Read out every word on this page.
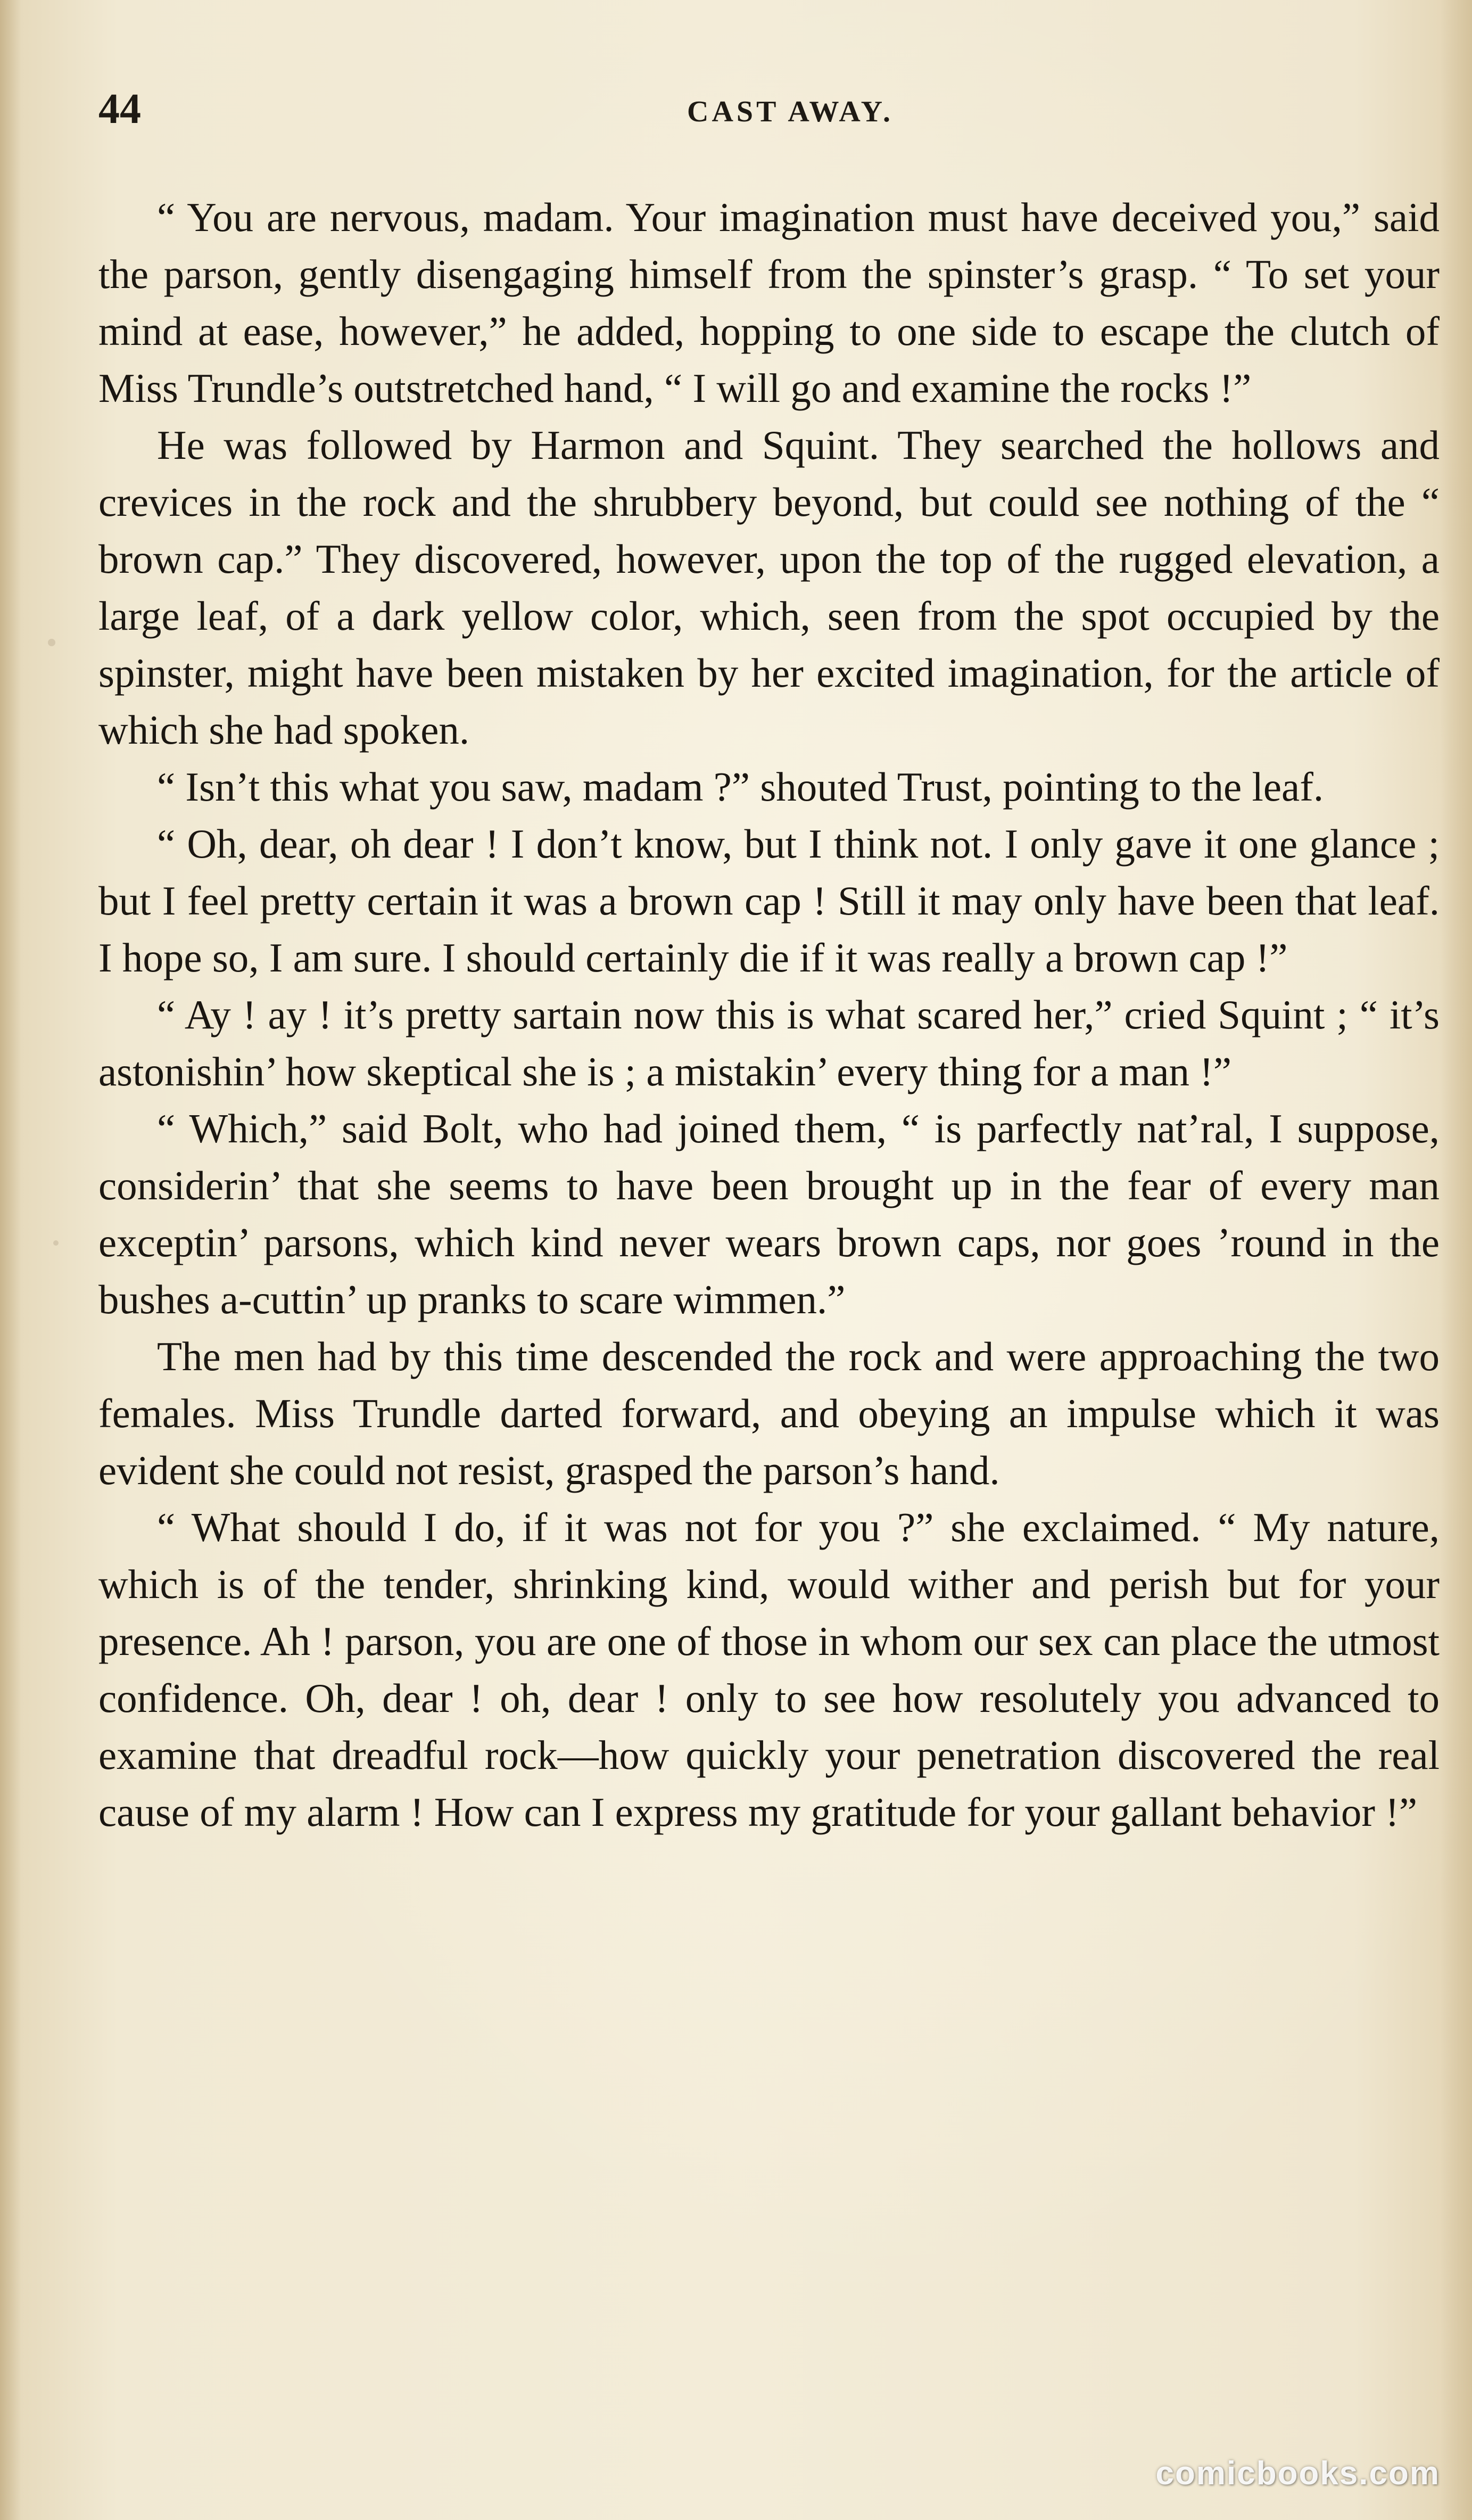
44	CAST AWAY.

“ You are nervous, madam. Your imagination must have deceived you,” said the parson, gently disengaging himself from the spinster’s grasp. “ To set your mind at ease, however,” he added, hopping to one side to escape the clutch of Miss Trundle’s outstretched hand, “ I will go and examine the rocks !”

He was followed by Harmon and Squint. They searched the hollows and crevices in the rock and the shrubbery beyond, but could see nothing of the “ brown cap.” They discovered, however, upon the top of the rugged elevation, a large leaf, of a dark yellow color, which, seen from the spot occupied by the spinster, might have been mistaken by her excited imagination, for the article of which she had spoken.

“ Isn’t this what you saw, madam ?” shouted Trust, pointing to the leaf.

“ Oh, dear, oh dear ! I don’t know, but I think not. I only gave it one glance ; but I feel pretty certain it was a brown cap ! Still it may only have been that leaf. I hope so, I am sure. I should certainly die if it was really a brown cap !”

“ Ay ! ay ! it’s pretty sartain now this is what scared her,” cried Squint ; “ it’s astonishin’ how skeptical she is ; a mistakin’ every thing for a man !”

“ Which,” said Bolt, who had joined them, “ is parfectly nat’ral, I suppose, considerin’ that she seems to have been brought up in the fear of every man exceptin’ parsons, which kind never wears brown caps, nor goes ’round in the bushes a-cuttin’ up pranks to scare wimmen.”

The men had by this time descended the rock and were approaching the two females. Miss Trundle darted forward, and obeying an impulse which it was evident she could not resist, grasped the parson’s hand.

“ What should I do, if it was not for you ?” she exclaimed. “ My nature, which is of the tender, shrinking kind, would wither and perish but for your presence. Ah ! parson, you are one of those in whom our sex can place the utmost confidence. Oh, dear ! oh, dear ! only to see how resolutely you advanced to examine that dreadful rock—how quickly your penetration discovered the real cause of my alarm ! How can I express my gratitude for your gallant behavior !”

comicbooks.com
